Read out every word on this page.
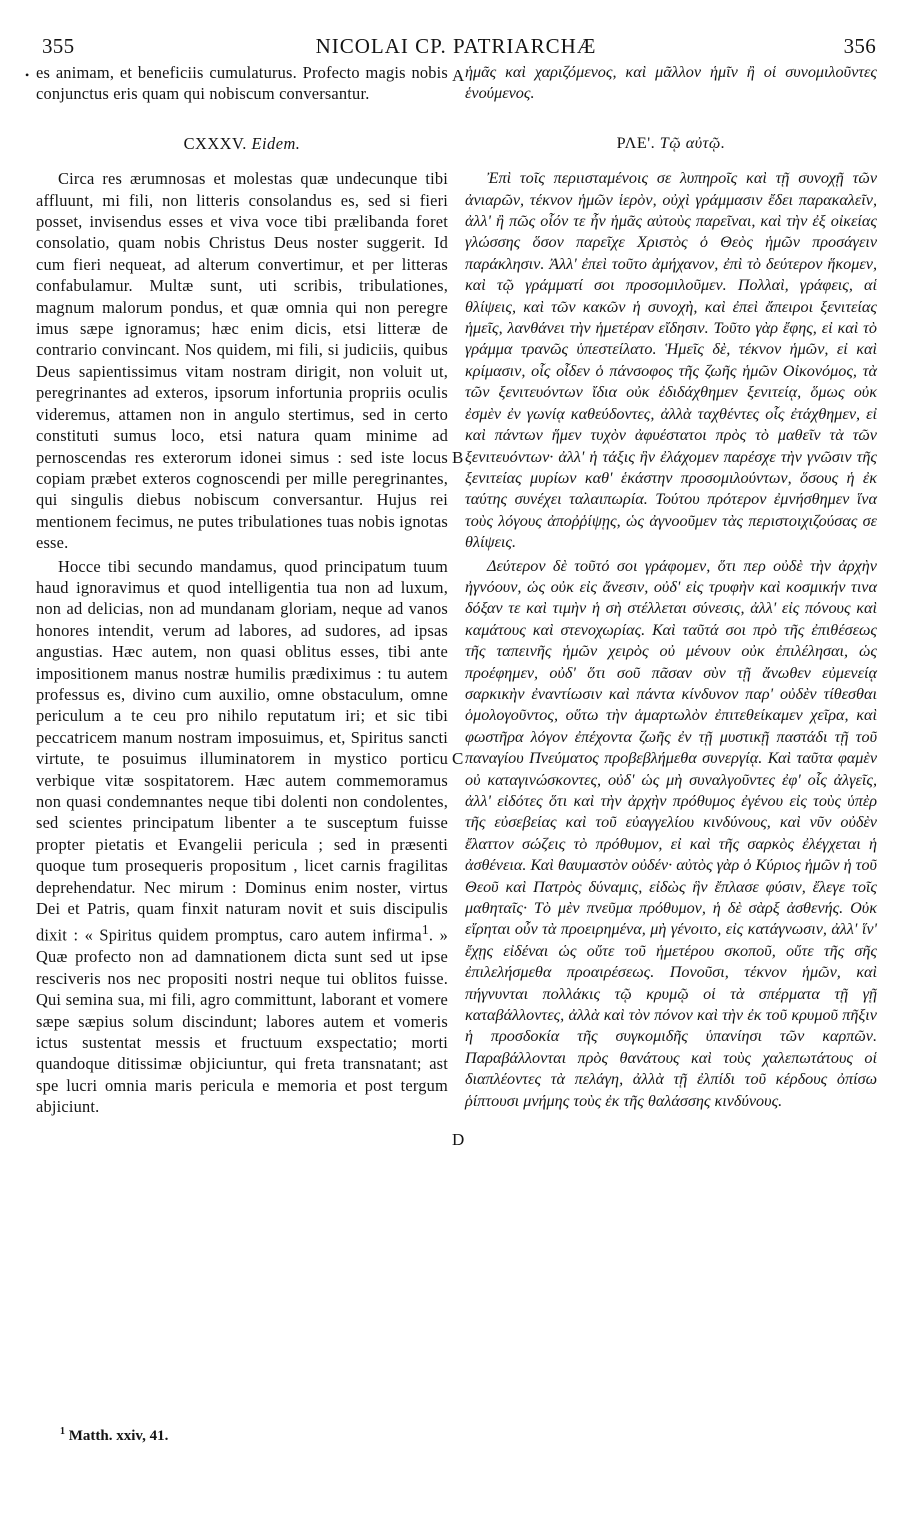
355	NICOLAI CP. PATRIARCHÆ	356
•	A
B
C
D

es animam, et beneficiis cumulaturus. Profecto magis nobis conjunctus eris quam qui nobiscum conversantur.

CXXXV. Eidem.

Circa res ærumnosas et molestas quæ undecunque tibi affluunt, mi fili, non litteris consolandus es, sed si fieri posset, invisendus esses et viva voce tibi prælibanda foret consolatio, quam nobis Christus Deus noster suggerit. Id cum fieri nequeat, ad alterum convertimur, et per litteras confabulamur. Multæ sunt, uti scribis, tribulationes, magnum malorum pondus, et quæ omnia qui non peregre imus sæpe ignoramus; hæc enim dicis, etsi litteræ de contrario convincant. Nos quidem, mi fili, si judiciis, quibus Deus sapientissimus vitam nostram dirigit, non voluit ut, peregrinantes ad exteros, ipsorum infortunia propriis oculis videremus, attamen non in angulo stertimus, sed in certo constituti sumus loco, etsi natura quam minime ad pernoscendas res exterorum idonei simus : sed iste locus copiam præbet exteros cognoscendi per mille peregrinantes, qui singulis diebus nobiscum conversantur. Hujus rei mentionem fecimus, ne putes tribulationes tuas nobis ignotas esse.

Hocce tibi secundo mandamus, quod principatum tuum haud ignoravimus et quod intelligentia tua non ad luxum, non ad delicias, non ad mundanam gloriam, neque ad vanos honores intendit, verum ad labores, ad sudores, ad ipsas angustias. Hæc autem, non quasi oblitus esses, tibi ante impositionem manus nostræ humilis prædiximus : tu autem professus es, divino cum auxilio, omne obstaculum, omne periculum a te ceu pro nihilo reputatum iri; et sic tibi peccatricem manum nostram imposuimus, et, Spiritus sancti virtute, te posuimus illuminatorem in mystico porticu verbique vitæ sospitatorem. Hæc autem commemoramus non quasi condemnantes neque tibi dolenti non condolentes, sed scientes principatum libenter a te susceptum fuisse propter pietatis et Evangelii pericula ; sed in præsenti quoque tum prosequeris propositum , licet carnis fragilitas deprehendatur. Nec mirum : Dominus enim noster, virtus Dei et Patris, quam finxit naturam novit et suis discipulis dixit : « Spiritus quidem promptus, caro autem infirma$^1$. » Quæ profecto non ad damnationem dicta sunt sed ut ipse resciveris nos nec propositi nostri neque tui oblitos fuisse. Qui semina sua, mi fili, agro committunt, laborant et vomere sæpe sæpius solum discindunt; labores autem et vomeris ictus sustentat messis et fructuum exspectatio; morti quandoque ditissimæ objiciuntur, qui freta transnatant; ast spe lucri omnia maris pericula e memoria et post tergum abjiciunt.

ἡμᾶς καὶ χαριζόμενος, καὶ μᾶλλον ἡμῖν ἢ οἱ συνομιλοῦντες ἑνούμενος.

ΡΛΕ'. Τῷ αὐτῷ.

Ἐπὶ τοῖς περιισταμένοις σε λυπηροῖς καὶ τῇ συνοχῇ τῶν ἀνιαρῶν, τέκνον ἡμῶν ἱερὸν, οὐχὶ γράμμασιν ἔδει παρακαλεῖν, ἀλλ' ἢ πῶς οἷόν τε ἦν ἡμᾶς αὐτοὺς παρεῖναι, καὶ τὴν ἐξ οἰκείας γλώσσης ὅσον παρεῖχε Χριστὸς ὁ Θεὸς ἡμῶν προσάγειν παράκλησιν. Ἀλλ' ἐπεὶ τοῦτο ἀμήχανον, ἐπὶ τὸ δεύτερον ἥκομεν, καὶ τῷ γράμματί σοι προσομιλοῦμεν. Πολλαὶ, γράφεις, αἱ θλίψεις, καὶ τῶν κακῶν ἡ συνοχὴ, καὶ ἐπεὶ ἄπειροι ξενιτείας ἡμεῖς, λανθάνει τὴν ἡμετέραν εἴδησιν. Τοῦτο γὰρ ἔφης, εἰ καὶ τὸ γράμμα τρανῶς ὑπεστείλατο. Ἡμεῖς δὲ, τέκνον ἡμῶν, εἰ καὶ κρίμασιν, οἷς οἶδεν ὁ πάνσοφος τῆς ζωῆς ἡμῶν Οἰκονόμος, τὰ τῶν ξενιτευόντων ἴδια οὐκ ἐδιδάχθημεν ξενιτείᾳ, ὅμως οὐκ ἐσμὲν ἐν γωνίᾳ καθεύδοντες, ἀλλὰ ταχθέντες οἷς ἐτάχθημεν, εἰ καὶ πάντων ἥμεν τυχὸν ἀφυέστατοι πρὸς τὸ μαθεῖν τὰ τῶν ξενιτευόντων· ἀλλ' ἡ τάξις ἣν ἐλάχομεν παρέσχε τὴν γνῶσιν τῆς ξενιτείας μυρίων καθ' ἑκάστην προσομιλούντων, ὅσους ἡ ἐκ ταύτης συνέχει ταλαιπωρία. Τούτου πρότερον ἐμνήσθημεν ἵνα τοὺς λόγους ἀποῤῥίψῃς, ὡς ἀγνοοῦμεν τὰς περιστοιχιζούσας σε θλίψεις.

Δεύτερον δὲ τοῦτό σοι γράφομεν, ὅτι περ οὐδὲ τὴν ἀρχὴν ἠγνόουν, ὡς οὐκ εἰς ἄνεσιν, οὐδ' εἰς τρυφὴν καὶ κοσμικήν τινα δόξαν τε καὶ τιμὴν ἡ σὴ στέλλεται σύνεσις, ἀλλ' εἰς πόνους καὶ καμάτους καὶ στενοχωρίας. Καὶ ταῦτά σοι πρὸ τῆς ἐπιθέσεως τῆς ταπεινῆς ἡμῶν χειρὸς οὐ μένουν οὐκ ἐπιλέλησαι, ὡς προέφημεν, οὐδ' ὅτι σοῦ πᾶσαν σὺν τῇ ἄνωθεν εὐμενείᾳ σαρκικὴν ἐναντίωσιν καὶ πάντα κίνδυνον παρ' οὐδὲν τίθεσθαι ὁμολογοῦντος, οὕτω τὴν ἁμαρτωλὸν ἐπιτεθείκαμεν χεῖρα, καὶ φωστῆρα λόγον ἐπέχοντα ζωῆς ἐν τῇ μυστικῇ παστάδι τῇ τοῦ παναγίου Πνεύματος προβεβλήμεθα συνεργίᾳ. Καὶ ταῦτα φαμὲν οὐ καταγινώσκοντες, οὐδ' ὡς μὴ συναλγοῦντες ἐφ' οἷς ἀλγεῖς, ἀλλ' εἰδότες ὅτι καὶ τὴν ἀρχὴν πρόθυμος ἐγένου εἰς τοὺς ὑπὲρ τῆς εὐσεβείας καὶ τοῦ εὐαγγελίου κινδύνους, καὶ νῦν οὐδὲν ἔλαττον σώζεις τὸ πρόθυμον, εἰ καὶ τῆς σαρκὸς ἐλέγχεται ἡ ἀσθένεια. Καὶ θαυμαστὸν οὐδέν· αὐτὸς γὰρ ὁ Κύριος ἡμῶν ἡ τοῦ Θεοῦ καὶ Πατρὸς δύναμις, εἰδὼς ἣν ἔπλασε φύσιν, ἔλεγε τοῖς μαθηταῖς· Τὸ μὲν πνεῦμα πρόθυμον, ἡ δὲ σὰρξ ἀσθενής. Οὐκ εἴρηται οὖν τὰ προειρημένα, μὴ γένοιτο, εἰς κατάγνωσιν, ἀλλ' ἵν' ἔχῃς εἰδέναι ὡς οὔτε τοῦ ἡμετέρου σκοποῦ, οὔτε τῆς σῆς ἐπιλελήσμεθα προαιρέσεως. Πονοῦσι, τέκνον ἡμῶν, καὶ πήγνυνται πολλάκις τῷ κρυμῷ οἱ τὰ σπέρματα τῇ γῇ καταβάλλοντες, ἀλλὰ καὶ τὸν πόνον καὶ τὴν ἐκ τοῦ κρυμοῦ πῆξιν ἡ προσδοκία τῆς συγκομιδῆς ὑπανίησι τῶν καρπῶν. Παραβάλλονται πρὸς θανάτους καὶ τοὺς χαλεπωτάτους οἱ διαπλέοντες τὰ πελάγη, ἀλλὰ τῇ ἐλπίδι τοῦ κέρδους ὀπίσω ῥίπτουσι μνήμης τοὺς ἐκ τῆς θαλάσσης κινδύνους.

$^1$ Matth. xxiv, 41.
